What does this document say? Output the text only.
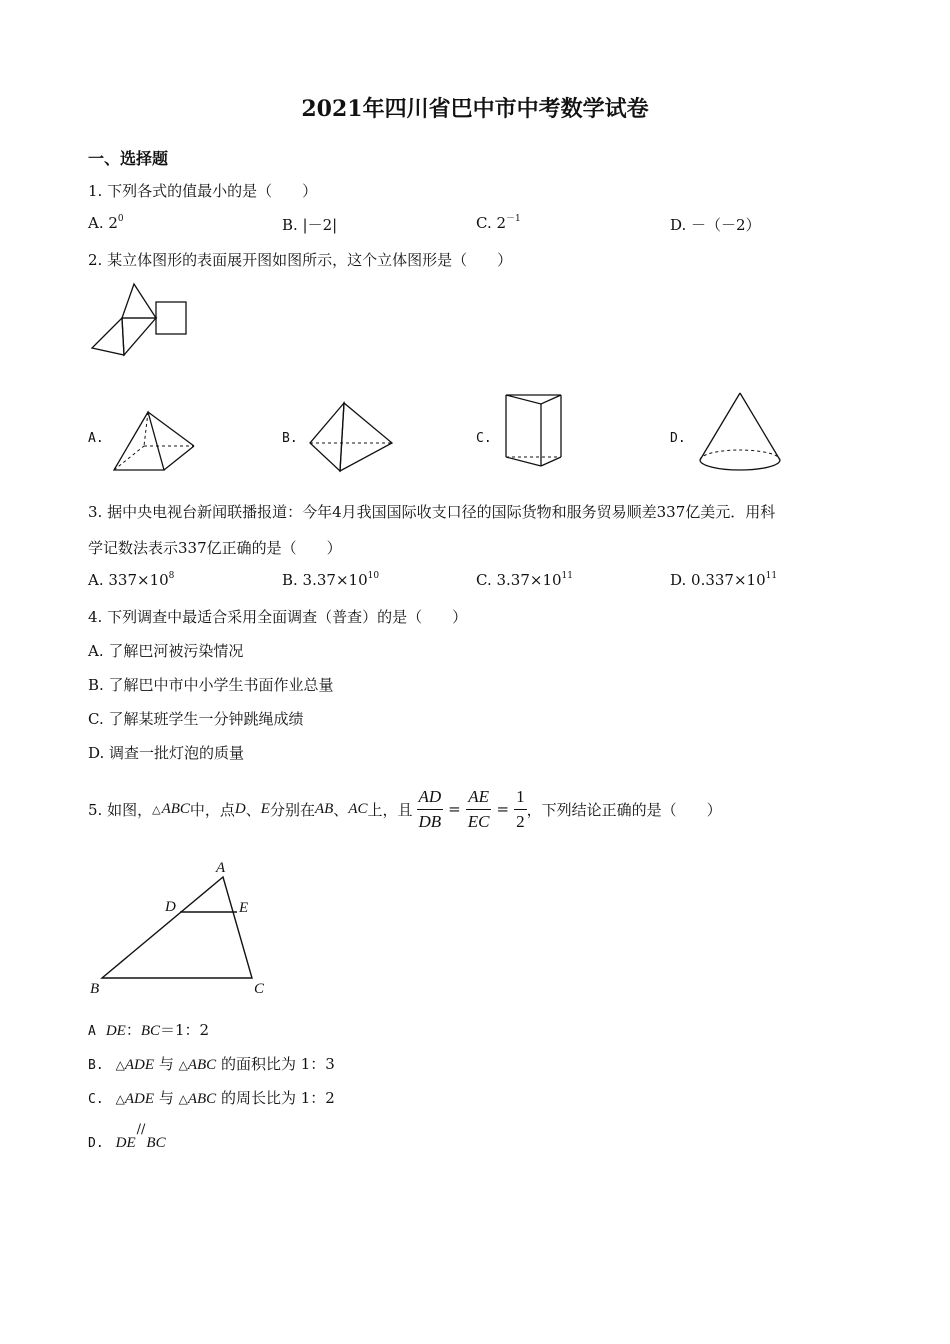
2021年四川省巴中市中考数学试卷
一、选择题
1. 下列各式的值最小的是（　　）
A. $2^0$	B. |－2|	C. $2^{-1}$	D. －（－2）
2. 某立体图形的表面展开图如图所示，这个立体图形是（　　）
A.	B.	C.	D.
3. 据中央电视台新闻联播报道：今年4月我国国际收支口径的国际货物和服务贸易顺差337亿美元．用科
学记数法表示337亿正确的是（　　）
A. $337\times 10^8$	B. $3.37\times 10^{10}$	C. $3.37\times 10^{11}$	D. $0.337\times 10^{11}$
4. 下列调查中最适合采用全面调查（普查）的是（　　）
A. 了解巴河被污染情况
B. 了解巴中市中小学生书面作业总量
C. 了解某班学生一分钟跳绳成绩
D. 调查一批灯泡的质量
5. 如图， △ ABC 中，点 D 、 E 分别在 AB 、 AC 上，且 $\frac{AD}{DB} = \frac{AE}{EC} = \frac{1}{2}$ ，下列结论正确的是（　　）
A
D	E
B	C
A DE：BC＝1：2
B. △ADE 与 △ABC 的面积比为 1：3
C. △ADE 与 △ABC 的周长比为 1：2
D. DE//BC
